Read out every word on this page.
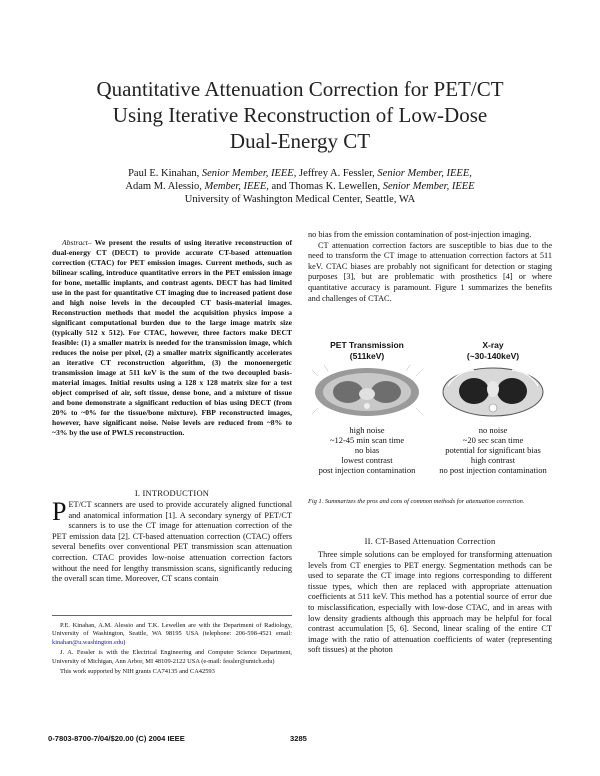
Quantitative Attenuation Correction for PET/CT
Using Iterative Reconstruction of Low-Dose
Dual-Energy CT
Paul E. Kinahan, Senior Member, IEEE, Jeffrey A. Fessler, Senior Member, IEEE,
Adam M. Alessio, Member, IEEE, and Thomas K. Lewellen, Senior Member, IEEE
University of Washington Medical Center, Seattle, WA
Abstract– We present the results of using iterative reconstruction of dual-energy CT (DECT) to provide accurate CT-based attenuation correction (CTAC) for PET emission images. Current methods, such as bilinear scaling, introduce quantitative errors in the PET emission image for bone, metallic implants, and contrast agents. DECT has had limited use in the past for quantitative CT imaging due to increased patient dose and high noise levels in the decoupled CT basis-material images. Reconstruction methods that model the acquisition physics impose a significant computational burden due to the large image matrix size (typically 512 x 512). For CTAC, however, three factors make DECT feasible: (1) a smaller matrix is needed for the transmission image, which reduces the noise per pixel, (2) a smaller matrix significantly accelerates an iterative CT reconstruction algorithm, (3) the monoenergetic transmission image at 511 keV is the sum of the two decoupled basis-material images. Initial results using a 128 x 128 matrix size for a test object comprised of air, soft tissue, dense bone, and a mixture of tissue and bone demonstrate a significant reduction of bias using DECT (from 20% to ~0% for the tissue/bone mixture). FBP reconstructed images, however, have significant noise. Noise levels are reduced from ~8% to ~3% by the use of PWLS reconstruction.
I. INTRODUCTION
P ET/CT scanners are used to provide accurately aligned functional and anatomical information [1]. A secondary synergy of PET/CT scanners is to use the CT image for attenuation correction of the PET emission data [2]. CT-based attenuation correction (CTAC) offers several benefits over conventional PET transmission scan attenuation correction. CTAC provides low-noise attenuation correction factors without the need for lengthy transmission scans, significantly reducing the overall scan time. Moreover, CT scans contain

P.E. Kinahan, A.M. Alessio and T.K. Lewellen are with the Department of Radiology, University of Washington, Seattle, WA 98195 USA (telephone: 206-598-4521 email: kinahan@u.washington.edu)

J. A. Fessler is with the Electrical Engineering and Computer Science Department, University of Michigan, Ann Arbor, MI 48109-2122 USA (e-mail: fessler@umich.edu)

This work supported by NIH grants CA74135 and CA42593

no bias from the emission contamination of post-injection imaging.

CT attenuation correction factors are susceptible to bias due to the need to transform the CT image to attenuation correction factors at 511 keV. CTAC biases are probably not significant for detection or staging purposes [3], but are problematic with prosthetics [4] or where quantitative accuracy is paramount. Figure 1 summarizes the benefits and challenges of CTAC.

PET Transmission
(511keV)
high noise
~12-45 min scan time
no bias
lowest contrast
post injection contamination
X-ray
(~30-140keV)
no noise
~20 sec scan time
potential for significant bias
high contrast
no post injection contamination
Fig 1. Summarizes the pros and cons of common methods for attenuation correction.
II. CT-Based Attenuation Correction
Three simple solutions can be employed for transforming attenuation levels from CT energies to PET energy. Segmentation methods can be used to separate the CT image into regions corresponding to different tissue types, which then are replaced with appropriate attenuation coefficients at 511 keV. This method has a potential source of error due to misclassification, especially with low-dose CTAC, and in areas with low density gradients although this approach may be helpful for focal contrast accumulation [5, 6]. Second, linear scaling of the entire CT image with the ratio of attenuation coefficients of water (representing soft tissues) at the photon
0-7803-8700-7/04/$20.00 (C) 2004 IEEE	3285
